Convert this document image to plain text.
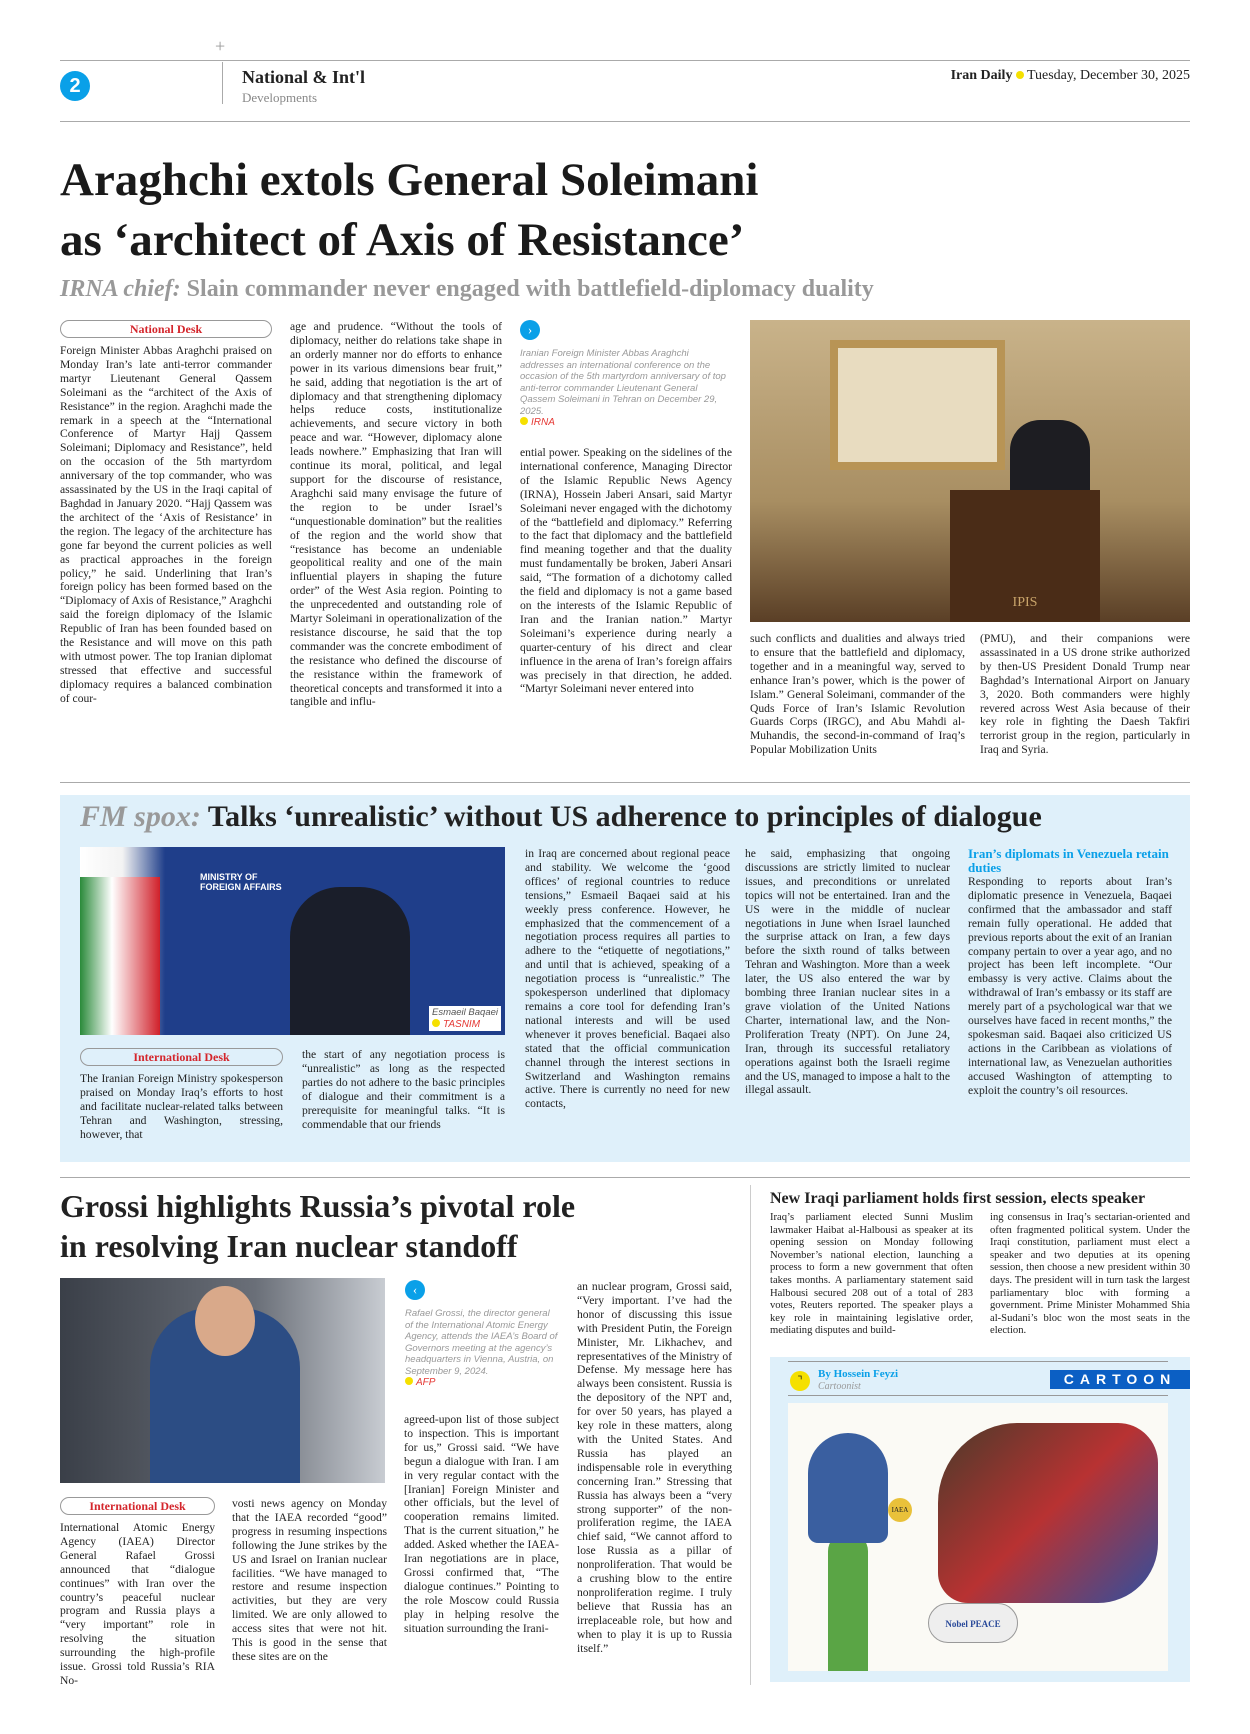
+
2	National & Int'l
Developments
Iran Daily Tuesday, December 30, 2025
Araghchi extols General Soleimani
as ‘architect of Axis of Resistance’
IRNA chief: Slain commander never engaged with battlefield-diplomacy duality
National Desk

Foreign Minister Abbas Araghchi praised on Monday Iran’s late anti-terror commander martyr Lieutenant General Qassem Soleimani as the “architect of the Axis of Resistance” in the region. Araghchi made the remark in a speech at the “International Conference of Martyr Hajj Qassem Soleimani; Diplomacy and Resistance”, held on the occasion of the 5th martyrdom anniversary of the top commander, who was assassinated by the US in the Iraqi capital of Baghdad in January 2020. “Hajj Qassem was the architect of the ‘Axis of Resistance’ in the region. The legacy of the architecture has gone far beyond the current policies as well as practical approaches in the foreign policy,” he said. Underlining that Iran’s foreign policy has been formed based on the “Diplomacy of Axis of Resistance,” Araghchi said the foreign diplomacy of the Islamic Republic of Iran has been founded based on the Resistance and will move on this path with utmost power. The top Iranian diplomat stressed that effective and successful diplomacy requires a balanced combination of cour-

age and prudence. “Without the tools of diplomacy, neither do relations take shape in an orderly manner nor do efforts to enhance power in its various dimensions bear fruit,” he said, adding that negotiation is the art of diplomacy and that strengthening diplomacy helps reduce costs, institutionalize achievements, and secure victory in both peace and war. “However, diplomacy alone leads nowhere.” Emphasizing that Iran will continue its moral, political, and legal support for the discourse of resistance, Araghchi said many envisage the future of the region to be under Israel’s “unquestionable domination” but the realities of the region and the world show that “resistance has become an undeniable geopolitical reality and one of the main influential players in shaping the future order” of the West Asia region. Pointing to the unprecedented and outstanding role of Martyr Soleimani in operationalization of the resistance discourse, he said that the top commander was the concrete embodiment of the resistance who defined the discourse of the resistance within the framework of theoretical concepts and transformed it into a tangible and influ-

›
Iranian Foreign Minister Abbas Araghchi addresses an international conference on the occasion of the 5th martyrdom anniversary of top anti-terror commander Lieutenant General Qassem Soleimani in Tehran on December 29, 2025.
IRNA

ential power. Speaking on the sidelines of the international conference, Managing Director of the Islamic Republic News Agency (IRNA), Hossein Jaberi Ansari, said Martyr Soleimani never engaged with the dichotomy of the “battlefield and diplomacy.” Referring to the fact that diplomacy and the battlefield find meaning together and that the duality must fundamentally be broken, Jaberi Ansari said, “The formation of a dichotomy called the field and diplomacy is not a game based on the interests of the Islamic Republic of Iran and the Iranian nation.” Martyr Soleimani’s experience during nearly a quarter-century of his direct and clear influence in the arena of Iran’s foreign affairs was precisely in that direction, he added. “Martyr Soleimani never entered into

IPIS

such conflicts and dualities and always tried to ensure that the battlefield and diplomacy, together and in a meaningful way, served to enhance Iran’s power, which is the power of Islam.” General Soleimani, commander of the Quds Force of Iran’s Islamic Revolution Guards Corps (IRGC), and Abu Mahdi al-Muhandis, the second-in-command of Iraq’s Popular Mobilization Units

(PMU), and their companions were assassinated in a US drone strike authorized by then-US President Donald Trump near Baghdad’s International Airport on January 3, 2020. Both commanders were highly revered across West Asia because of their key role in fighting the Daesh Takfiri terrorist group in the region, particularly in Iraq and Syria.

FM spox: Talks ‘unrealistic’ without US adherence to principles of dialogue
MINISTRY OF FOREIGN AFFAIRS
Esmaeil Baqaei
TASNIM
International Desk

The Iranian Foreign Ministry spokesperson praised on Monday Iraq’s efforts to host and facilitate nuclear-related talks between Tehran and Washington, stressing, however, that

the start of any negotiation process is “unrealistic” as long as the respected parties do not adhere to the basic principles of dialogue and their commitment is a prerequisite for meaningful talks. “It is commendable that our friends

in Iraq are concerned about regional peace and stability. We welcome the ‘good offices’ of regional countries to reduce tensions,” Esmaeil Baqaei said at his weekly press conference. However, he emphasized that the commencement of a negotiation process requires all parties to adhere to the “etiquette of negotiations,” and until that is achieved, speaking of a negotiation process is “unrealistic.” The spokesperson underlined that diplomacy remains a core tool for defending Iran’s national interests and will be used whenever it proves beneficial. Baqaei also stated that the official communication channel through the interest sections in Switzerland and Washington remains active. There is currently no need for new contacts,

he said, emphasizing that ongoing discussions are strictly limited to nuclear issues, and preconditions or unrelated topics will not be entertained. Iran and the US were in the middle of nuclear negotiations in June when Israel launched the surprise attack on Iran, a few days before the sixth round of talks between Tehran and Washington. More than a week later, the US also entered the war by bombing three Iranian nuclear sites in a grave violation of the United Nations Charter, international law, and the Non-Proliferation Treaty (NPT). On June 24, Iran, through its successful retaliatory operations against both the Israeli regime and the US, managed to impose a halt to the illegal assault.

Iran’s diplomats in Venezuela retain duties

Responding to reports about Iran’s diplomatic presence in Venezuela, Baqaei confirmed that the ambassador and staff remain fully operational. He added that previous reports about the exit of an Iranian company pertain to over a year ago, and no project has been left incomplete. “Our embassy is very active. Claims about the withdrawal of Iran’s embassy or its staff are merely part of a psychological war that we ourselves have faced in recent months,” the spokesman said. Baqaei also criticized US actions in the Caribbean as violations of international law, as Venezuelan authorities accused Washington of attempting to exploit the country’s oil resources.

Grossi highlights Russia’s pivotal role
in resolving Iran nuclear standoff
‹
Rafael Grossi, the director general of the International Atomic Energy Agency, attends the IAEA’s Board of Governors meeting at the agency’s headquarters in Vienna, Austria, on September 9, 2024.
AFP
International Desk

International Atomic Energy Agency (IAEA) Director General Rafael Grossi announced that “dialogue continues” with Iran over the country’s peaceful nuclear program and Russia plays a “very important” role in resolving the situation surrounding the high-profile issue. Grossi told Russia’s RIA No-

vosti news agency on Monday that the IAEA recorded “good” progress in resuming inspections following the June strikes by the US and Israel on Iranian nuclear facilities. “We have managed to restore and resume inspection activities, but they are very limited. We are only allowed to access sites that were not hit. This is good in the sense that these sites are on the

agreed-upon list of those subject to inspection. This is important for us,” Grossi said. “We have begun a dialogue with Iran. I am in very regular contact with the [Iranian] Foreign Minister and other officials, but the level of cooperation remains limited. That is the current situation,” he added. Asked whether the IAEA-Iran negotiations are in place, Grossi confirmed that, “The dialogue continues.” Pointing to the role Moscow could Russia play in helping resolve the situation surrounding the Irani-

an nuclear program, Grossi said, “Very important. I’ve had the honor of discussing this issue with President Putin, the Foreign Minister, Mr. Likhachev, and representatives of the Ministry of Defense. My message here has always been consistent. Russia is the depository of the NPT and, for over 50 years, has played a key role in these matters, along with the United States. And Russia has played an indispensable role in everything concerning Iran.” Stressing that Russia has always been a “very strong supporter” of the non-proliferation regime, the IAEA chief said, “We cannot afford to lose Russia as a pillar of nonproliferation. That would be a crushing blow to the entire nonproliferation regime. I truly believe that Russia has an irreplaceable role, but how and when to play it is up to Russia itself.”

New Iraqi parliament holds first session, elects speaker

Iraq’s parliament elected Sunni Muslim lawmaker Haibat al-Halbousi as speaker at its opening session on Monday following November’s national election, launching a process to form a new government that often takes months. A parliamentary statement said Halbousi secured 208 out of a total of 283 votes, Reuters reported. The speaker plays a key role in maintaining legislative order, mediating disputes and build-

ing consensus in Iraq’s sectarian-oriented and often fragmented political system. Under the Iraqi constitution, parliament must elect a speaker and two deputies at its opening session, then choose a new president within 30 days. The president will in turn task the largest parliamentary bloc with forming a government. Prime Minister Mohammed Shia al-Sudani’s bloc won the most seats in the election.

⌝
By Hossein Feyzi
Cartoonist	CARTOON
IAEA
Nobel PEACE
